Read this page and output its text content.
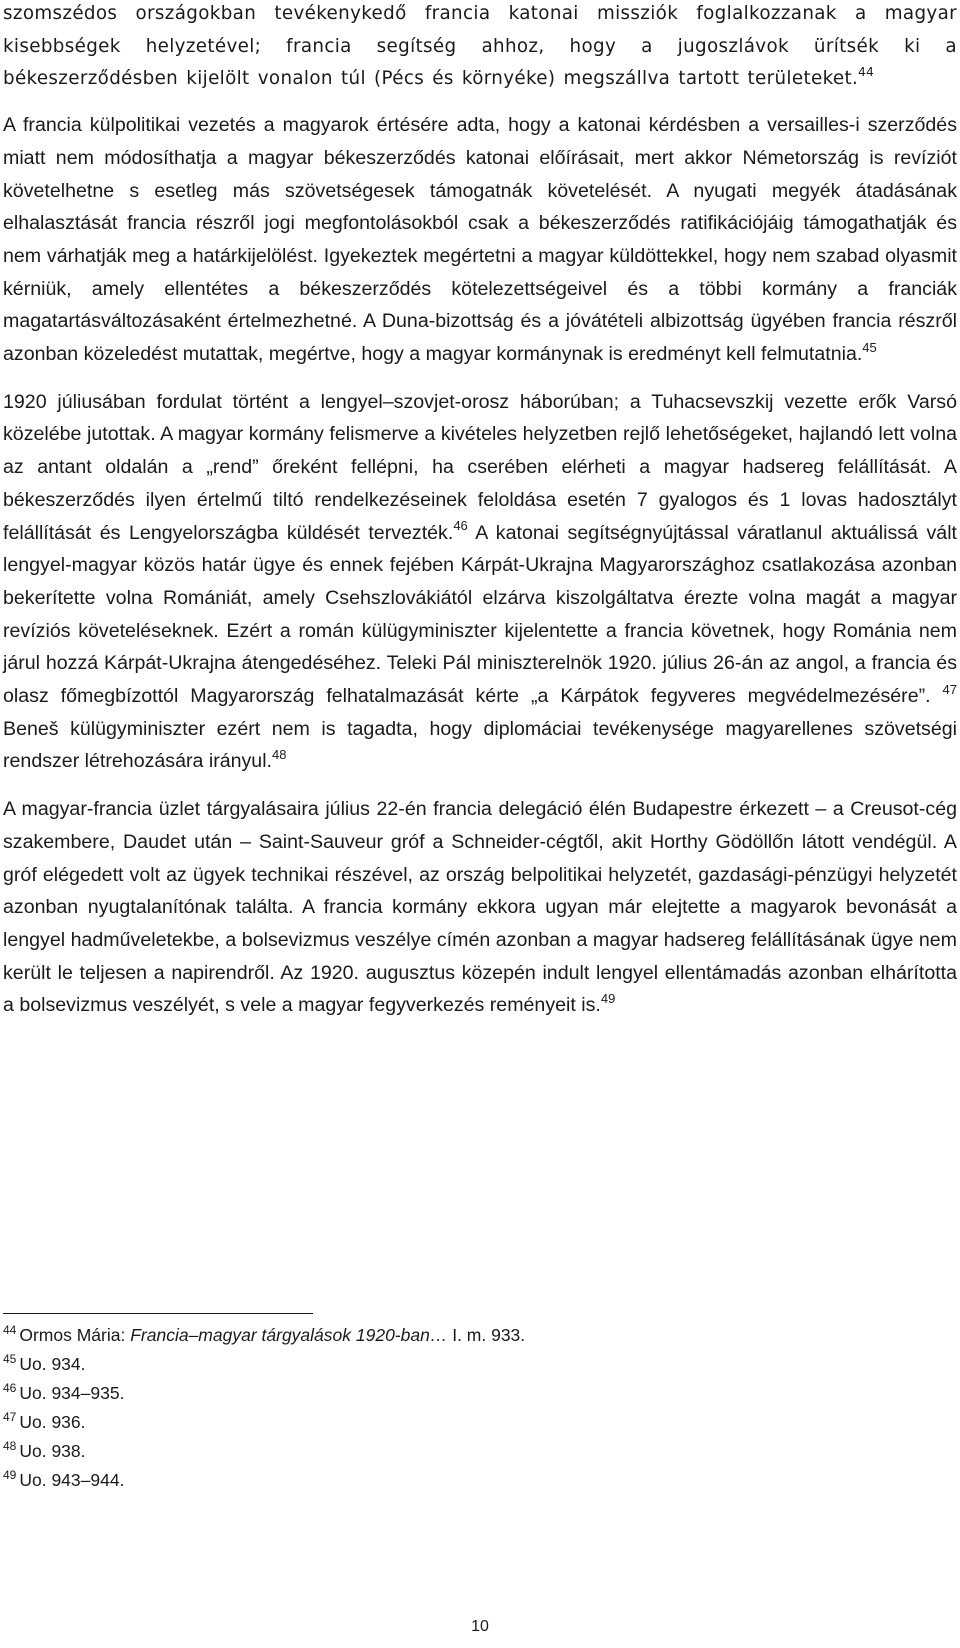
szomszédos országokban tevékenykedő francia katonai missziók foglalkozzanak a magyar kisebbségek helyzetével; francia segítség ahhoz, hogy a jugoszlávok ürítsék ki a békeszerződésben kijelölt vonalon túl (Pécs és környéke) megszállva tartott területeket.$^{44}$

A francia külpolitikai vezetés a magyarok értésére adta, hogy a katonai kérdésben a versailles-i szerződés miatt nem módosíthatja a magyar békeszerződés katonai előírásait, mert akkor Németország is revíziót követelhetne s esetleg más szövetségesek támogatnák követelését. A nyugati megyék átadásának elhalasztását francia részről jogi megfontolásokból csak a békeszerződés ratifikációjáig támogathatják és nem várhatják meg a határkijelölést. Igyekeztek megértetni a magyar küldöttekkel, hogy nem szabad olyasmit kérniük, amely ellentétes a békeszerződés kötelezettségeivel és a többi kormány a franciák magatartásváltozásaként értelmezhetné. A Duna-bizottság és a jóvátételi albizottság ügyében francia részről azonban közeledést mutattak, megértve, hogy a magyar kormánynak is eredményt kell felmutatnia.$^{45}$

1920 júliusában fordulat történt a lengyel–szovjet-orosz háborúban; a Tuhacsevszkij vezette erők Varsó közelébe jutottak. A magyar kormány felismerve a kivételes helyzetben rejlő lehetőségeket, hajlandó lett volna az antant oldalán a „rend” őreként fellépni, ha cserében elérheti a magyar hadsereg felállítását. A békeszerződés ilyen értelmű tiltó rendelkezéseinek feloldása esetén 7 gyalogos és 1 lovas hadosztályt felállítását és Lengyelországba küldését tervezték.$^{46}$ A katonai segítségnyújtással váratlanul aktuálissá vált lengyel-magyar közös határ ügye és ennek fejében Kárpát-Ukrajna Magyarországhoz csatlakozása azonban bekerítette volna Romániát, amely Csehszlovákiától elzárva kiszolgáltatva érezte volna magát a magyar revíziós követeléseknek. Ezért a román külügyminiszter kijelentette a francia követnek, hogy Románia nem járul hozzá Kárpát-Ukrajna átengedéséhez. Teleki Pál miniszterelnök 1920. július 26-án az angol, a francia és olasz főmegbízottól Magyarország felhatalmazását kérte „a Kárpátok fegyveres megvédelmezésére”. $^{47}$ Beneš külügyminiszter ezért nem is tagadta, hogy diplomáciai tevékenysége magyarellenes szövetségi rendszer létrehozására irányul.$^{48}$

A magyar-francia üzlet tárgyalásaira július 22-én francia delegáció élén Budapestre érkezett – a Creusot-cég szakembere, Daudet után – Saint-Sauveur gróf a Schneider-cégtől, akit Horthy Gödöllőn látott vendégül. A gróf elégedett volt az ügyek technikai részével, az ország belpolitikai helyzetét, gazdasági-pénzügyi helyzetét azonban nyugtalanítónak találta. A francia kormány ekkora ugyan már elejtette a magyarok bevonását a lengyel hadműveletekbe, a bolsevizmus veszélye címén azonban a magyar hadsereg felállításának ügye nem került le teljesen a napirendről. Az 1920. augusztus közepén indult lengyel ellentámadás azonban elhárította a bolsevizmus veszélyét, s vele a magyar fegyverkezés reményeit is.$^{49}$

$^{44}$ Ormos Mária: Francia–magyar tárgyalások 1920-ban… I. m. 933.
$^{45}$ Uo. 934.
$^{46}$ Uo. 934–935.
$^{47}$ Uo. 936.
$^{48}$ Uo. 938.
$^{49}$ Uo. 943–944.
10
